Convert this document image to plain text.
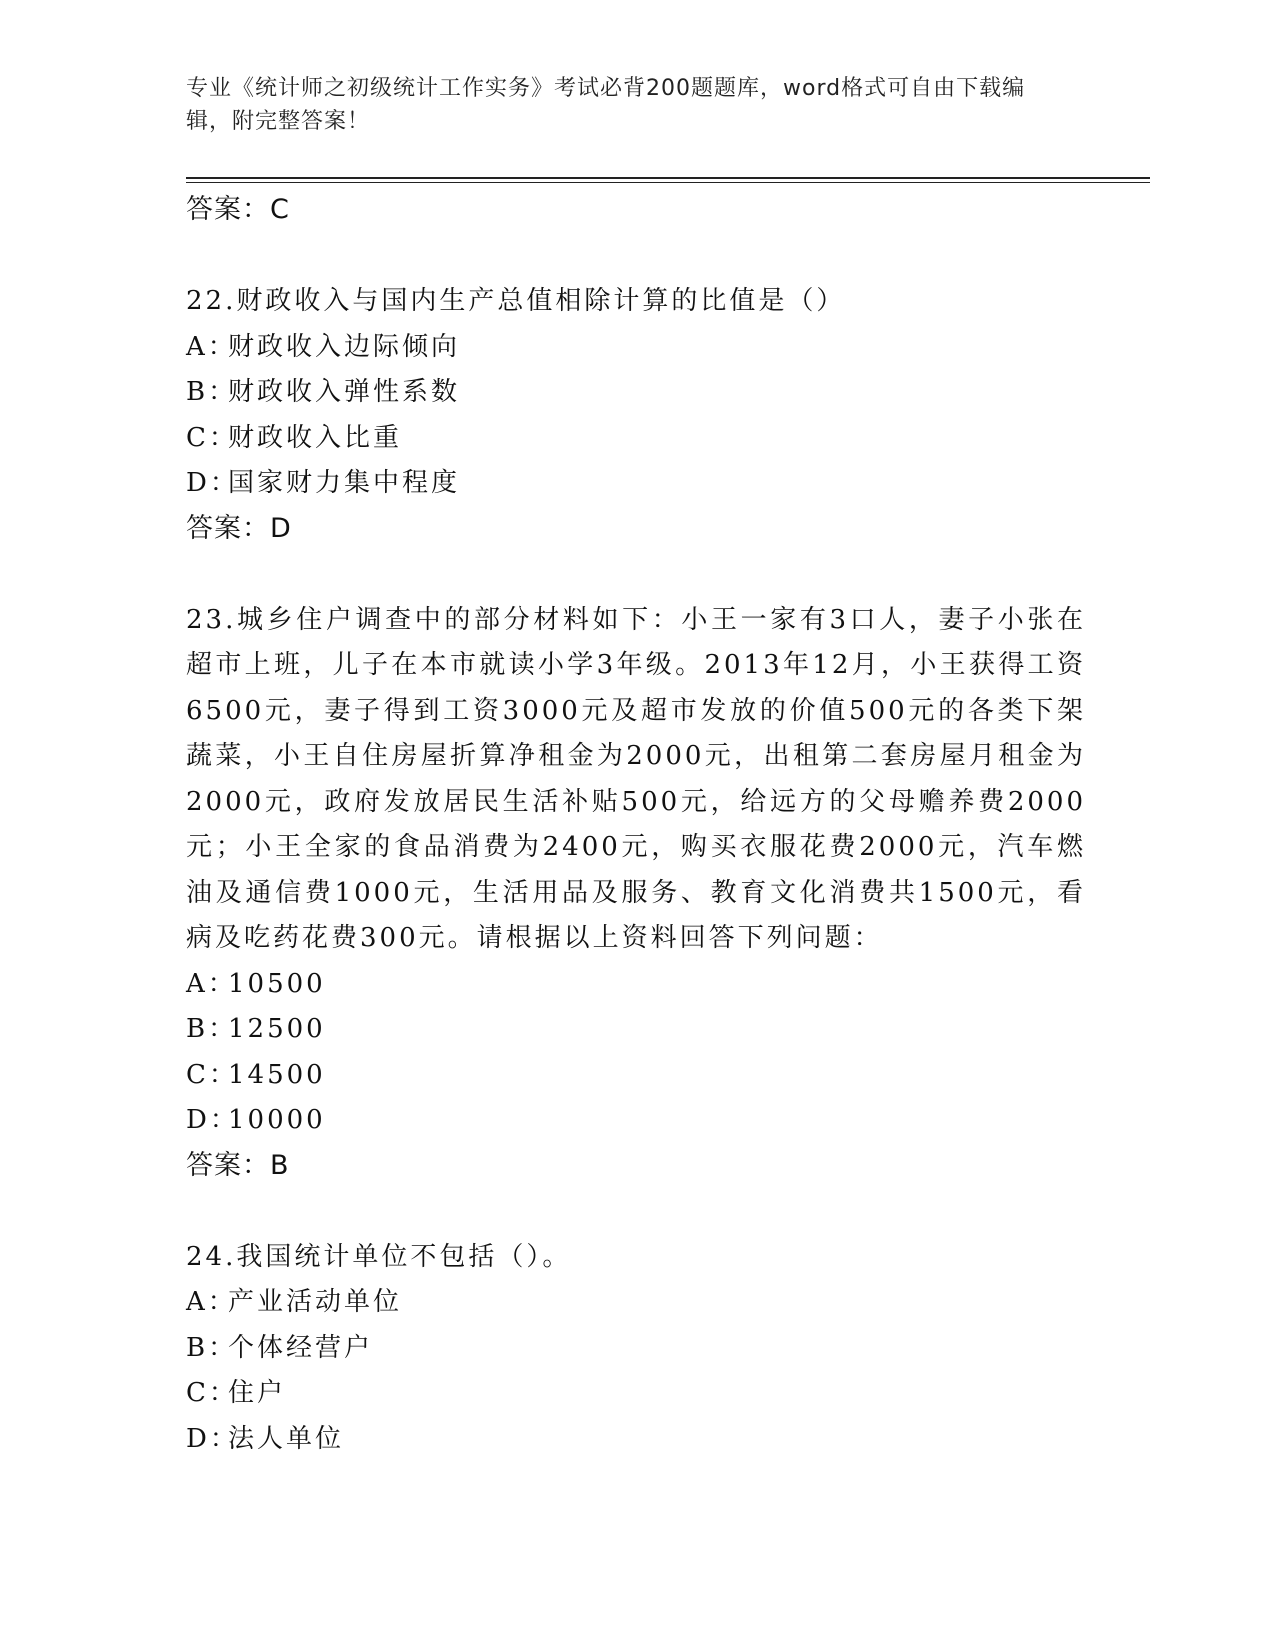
专业《统计师之初级统计工作实务》考试必背200题题库，word格式可自由下载编辑，附完整答案！
答案：C
22.财政收入与国内生产总值相除计算的比值是（）
A：财政收入边际倾向
B：财政收入弹性系数
C：财政收入比重
D：国家财力集中程度
答案：D
23.城乡住户调查中的部分材料如下：小王一家有3口人，妻子小张在超市上班，儿子在本市就读小学3年级。2013年12月，小王获得工资6500元，妻子得到工资3000元及超市发放的价值500元的各类下架蔬菜，小王自住房屋折算净租金为2000元，出租第二套房屋月租金为2000元，政府发放居民生活补贴500元，给远方的父母赡养费2000元；小王全家的食品消费为2400元，购买衣服花费2000元，汽车燃油及通信费1000元，生活用品及服务、教育文化消费共1500元，看病及吃药花费300元。请根据以上资料回答下列问题：
A：10500
B：12500
C：14500
D：10000
答案：B
24.我国统计单位不包括（）。
A：产业活动单位
B：个体经营户
C：住户
D：法人单位
